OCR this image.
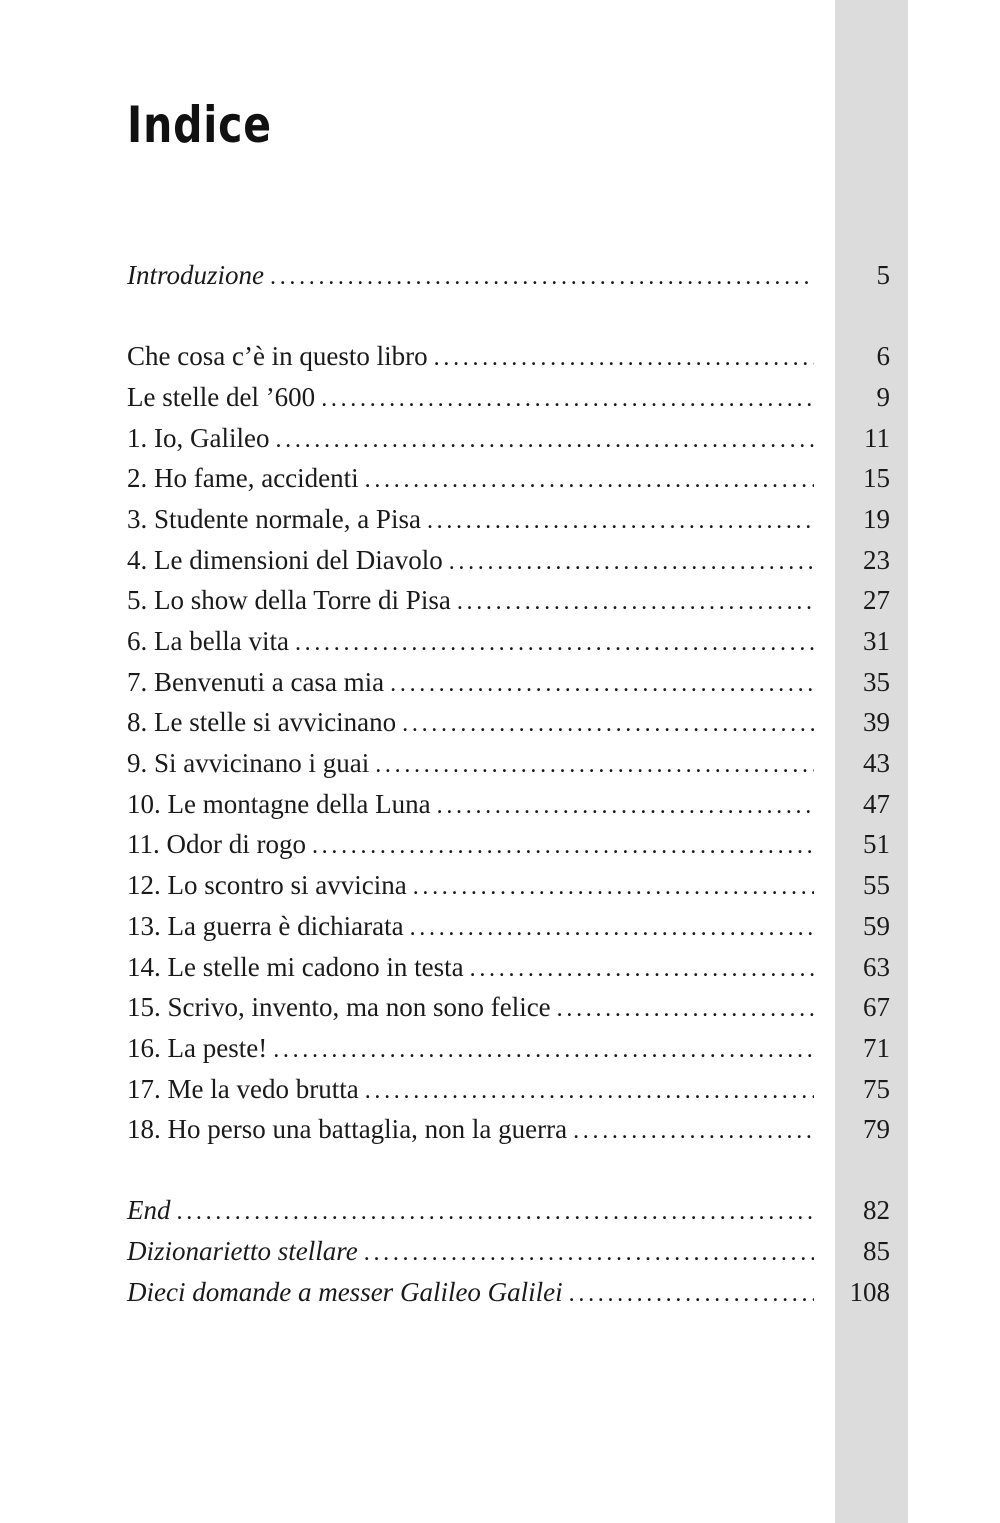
Indice
Introduzione . . .	5
Che cosa c’è in questo libro . . .	6
Le stelle del ’600 . . .	9
1. Io, Galileo . . .	11
2. Ho fame, accidenti . . .	15
3. Studente normale, a Pisa . . .	19
4. Le dimensioni del Diavolo . . .	23
5. Lo show della Torre di Pisa . . .	27
6. La bella vita . . .	31
7. Benvenuti a casa mia . . .	35
8. Le stelle si avvicinano . . .	39
9. Si avvicinano i guai . . .	43
10. Le montagne della Luna . . .	47
11. Odor di rogo . . .	51
12. Lo scontro si avvicina . . .	55
13. La guerra è dichiarata . . .	59
14. Le stelle mi cadono in testa . . .	63
15. Scrivo, invento, ma non sono felice . . .	67
16. La peste! . . .	71
17. Me la vedo brutta . . .	75
18. Ho perso una battaglia, non la guerra . . .	79
End . . .	82
Dizionarietto stellare . . .	85
Dieci domande a messer Galileo Galilei . . .	108
